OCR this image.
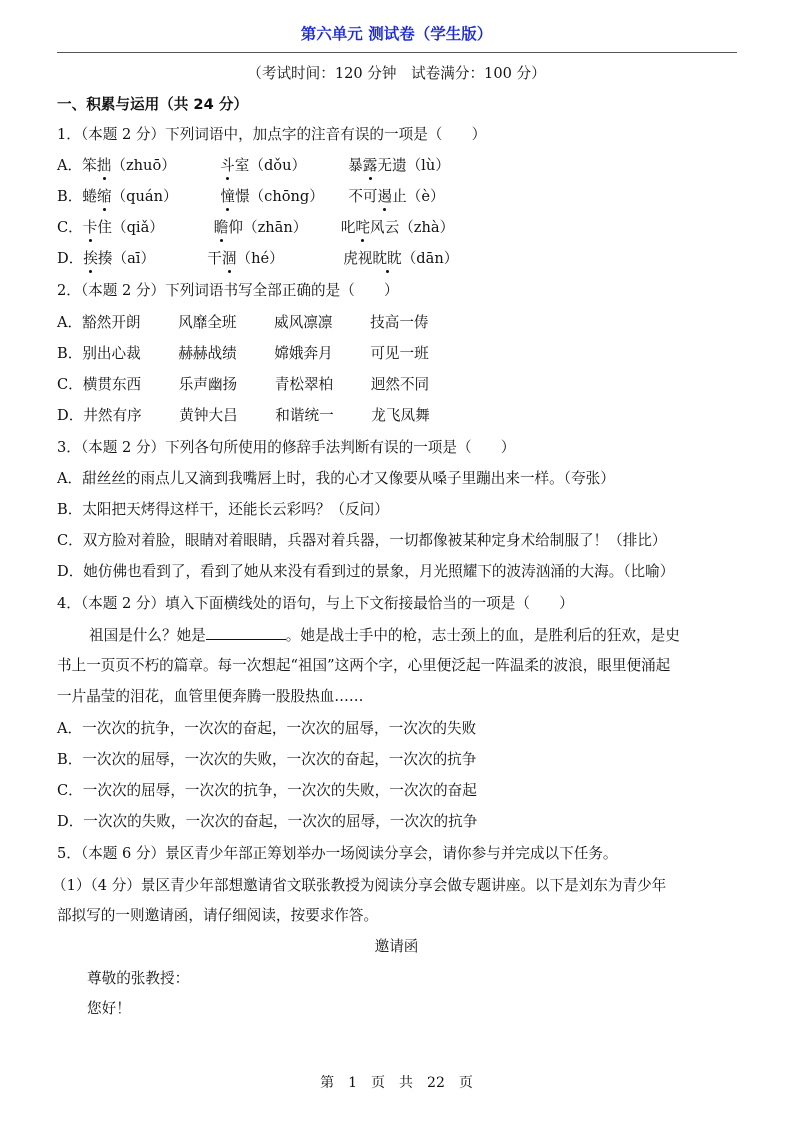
第六单元 测试卷（学生版）
（考试时间：120 分钟　试卷满分：100 分）
一、积累与运用（共 24 分）
1．（本题 2 分）下列词语中，加点字的注音有误的一项是（　　）
A．笨拙（zhuō）	斗室（dǒu）	暴露无遗（lù）
B．蜷缩（quán）	憧憬（chōng） 不可遏止（è）
C．卡住（qiǎ）	瞻仰（zhān） 叱咤风云（zhà）
D．挨揍（aī）	干涸（hé）	虎视眈眈（dān）
2．（本题 2 分）下列词语书写全部正确的是（　　）
A．豁然开朗	风靡全班	威风凛凛	技高一俦
B．别出心裁	赫赫战绩	嫦娥奔月	可见一班
C．横贯东西	乐声幽扬	青松翠柏	迥然不同
D．井然有序	黄钟大吕	和谐统一	龙飞凤舞
3．（本题 2 分）下列各句所使用的修辞手法判断有误的一项是（　　）
A．甜丝丝的雨点儿又滴到我嘴唇上时，我的心才又像要从嗓子里蹦出来一样。（夸张）
B．太阳把天烤得这样干，还能长云彩吗？（反问）
C．双方脸对着脸，眼睛对着眼睛，兵器对着兵器，一切都像被某种定身术给制服了！（排比）
D．她仿佛也看到了，看到了她从来没有看到过的景象，月光照耀下的波涛汹涌的大海。（比喻）
4．（本题 2 分）填入下面横线处的语句，与上下文衔接最恰当的一项是（　　）
祖国是什么？她是	。她是战士手中的枪，志士颈上的血，是胜利后的狂欢，是史
书上一页页不朽的篇章。每一次想起“祖国”这两个字，心里便泛起一阵温柔的波浪，眼里便涌起
一片晶莹的泪花，血管里便奔腾一股股热血……
A．一次次的抗争，一次次的奋起，一次次的屈辱，一次次的失败
B．一次次的屈辱，一次次的失败，一次次的奋起，一次次的抗争
C．一次次的屈辱，一次次的抗争，一次次的失败，一次次的奋起
D．一次次的失败，一次次的奋起，一次次的屈辱，一次次的抗争
5．（本题 6 分）景区青少年部正筹划举办一场阅读分享会，请你参与并完成以下任务。
（1）（4 分）景区青少年部想邀请省文联张教授为阅读分享会做专题讲座。以下是刘东为青少年
部拟写的一则邀请函，请仔细阅读，按要求作答。
邀请函
尊敬的张教授：
您好！
第　1　页　共　22　页
